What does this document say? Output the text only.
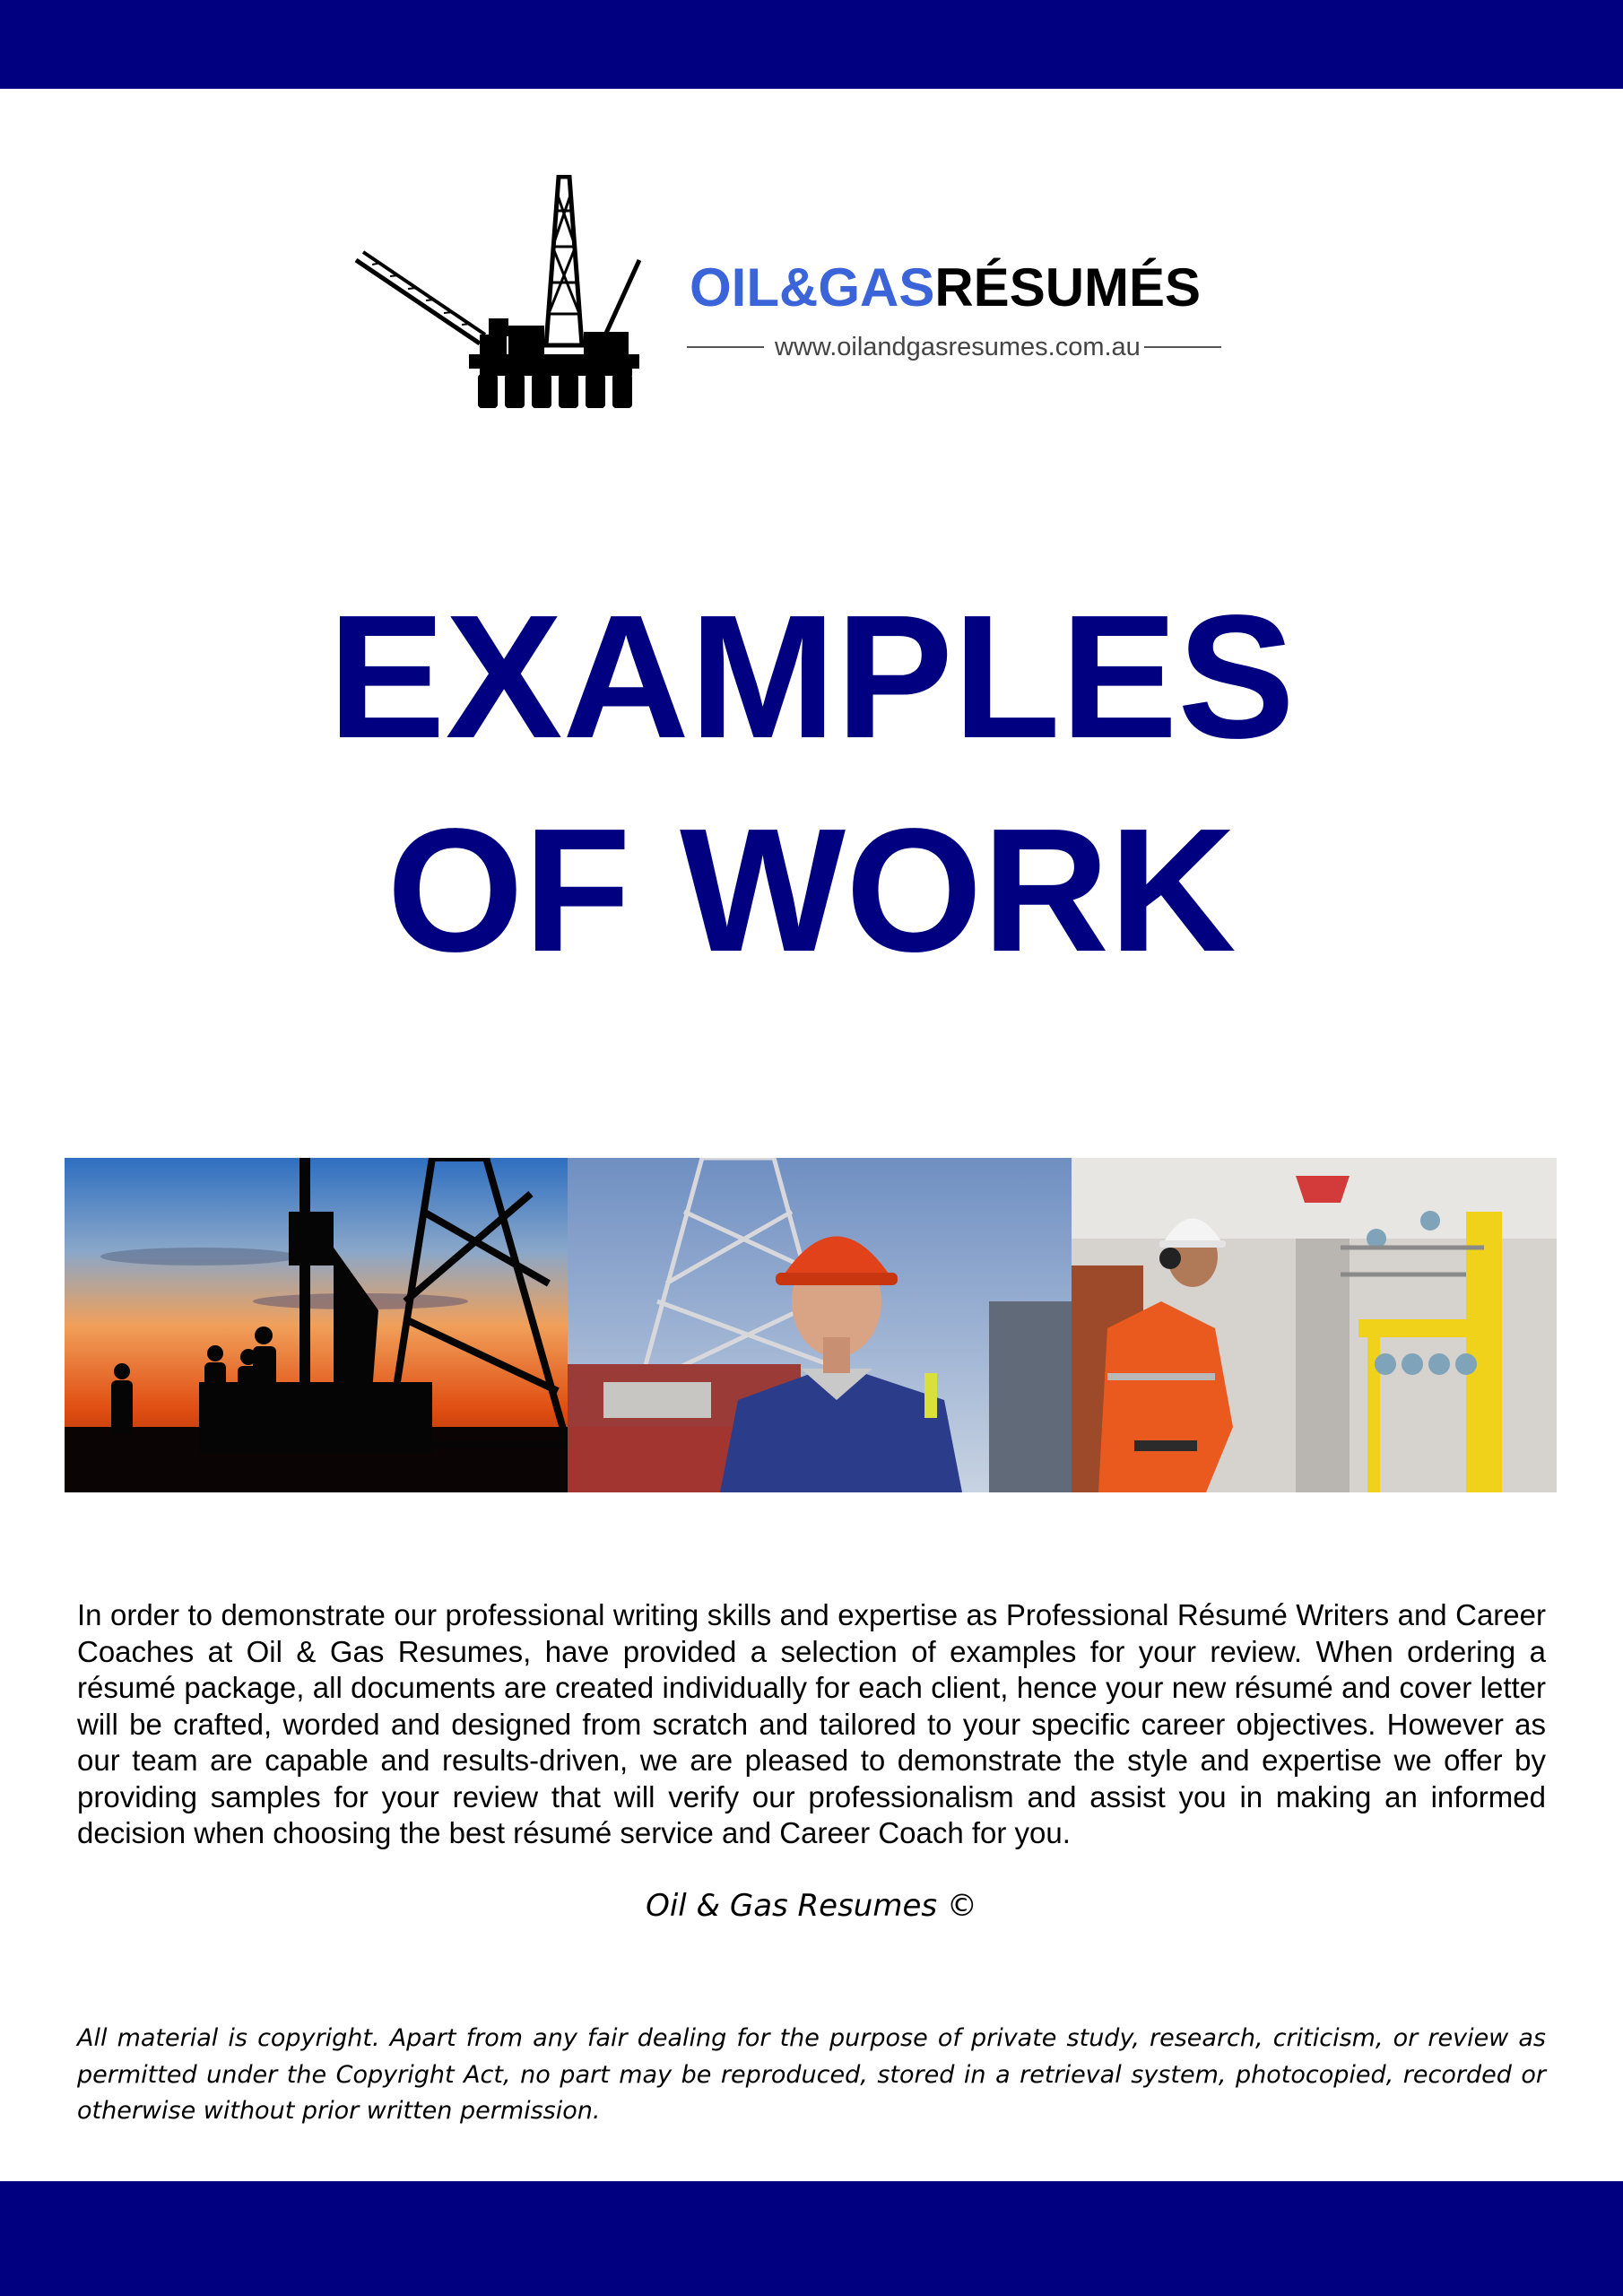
OIL&GASRÉSUMÉS
www.oilandgasresumes.com.au
EXAMPLES
OF WORK

In order to demonstrate our professional writing skills and expertise as Professional Résumé Writers and Career Coaches at Oil & Gas Resumes, have provided a selection of examples for your review. When ordering a résumé package, all documents are created individually for each client, hence your new résumé and cover letter will be crafted, worded and designed from scratch and tailored to your specific career objectives. However as our team are capable and results-driven, we are pleased to demonstrate the style and expertise we offer by providing samples for your review that will verify our professionalism and assist you in making an informed decision when choosing the best résumé service and Career Coach for you.

Oil & Gas Resumes ©

All material is copyright. Apart from any fair dealing for the purpose of private study, research, criticism, or review as permitted under the Copyright Act, no part may be reproduced, stored in a retrieval system, photocopied, recorded or otherwise without prior written permission.
